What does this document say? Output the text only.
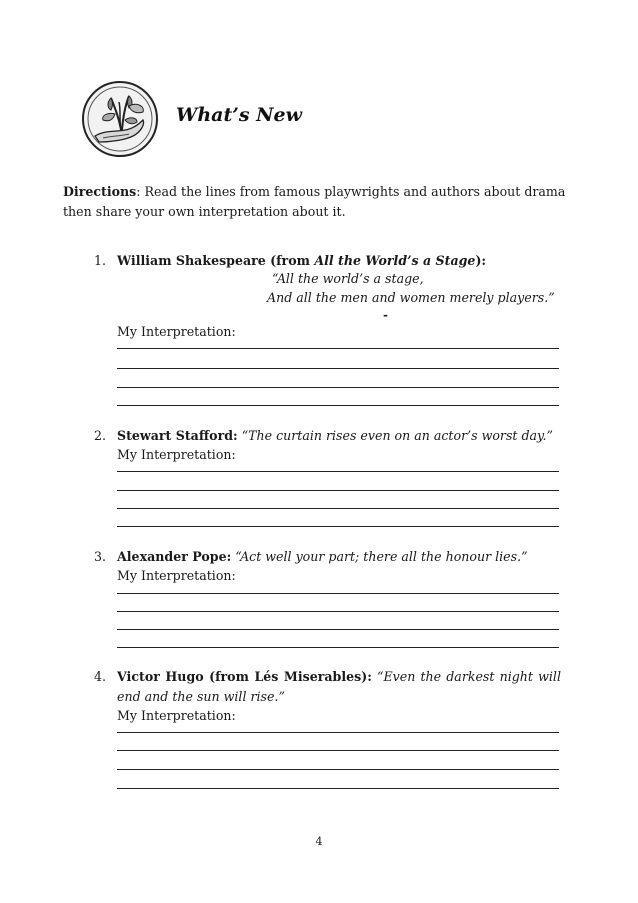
What’s New
Directions: Read the lines from famous playwrights and authors about drama then share your own interpretation about it.
1. William Shakespeare (from All the World’s a Stage):
“All the world’s a stage,
And all the men and women merely players.”
-
My Interpretation:
2. Stewart Stafford: “The curtain rises even on an actor’s worst day.”
My Interpretation:
3. Alexander Pope: “Act well your part; there all the honour lies.”
My Interpretation:
4. Victor Hugo (from Lés Miserables): “Even the darkest night will end and the sun will rise.”
My Interpretation:
4
